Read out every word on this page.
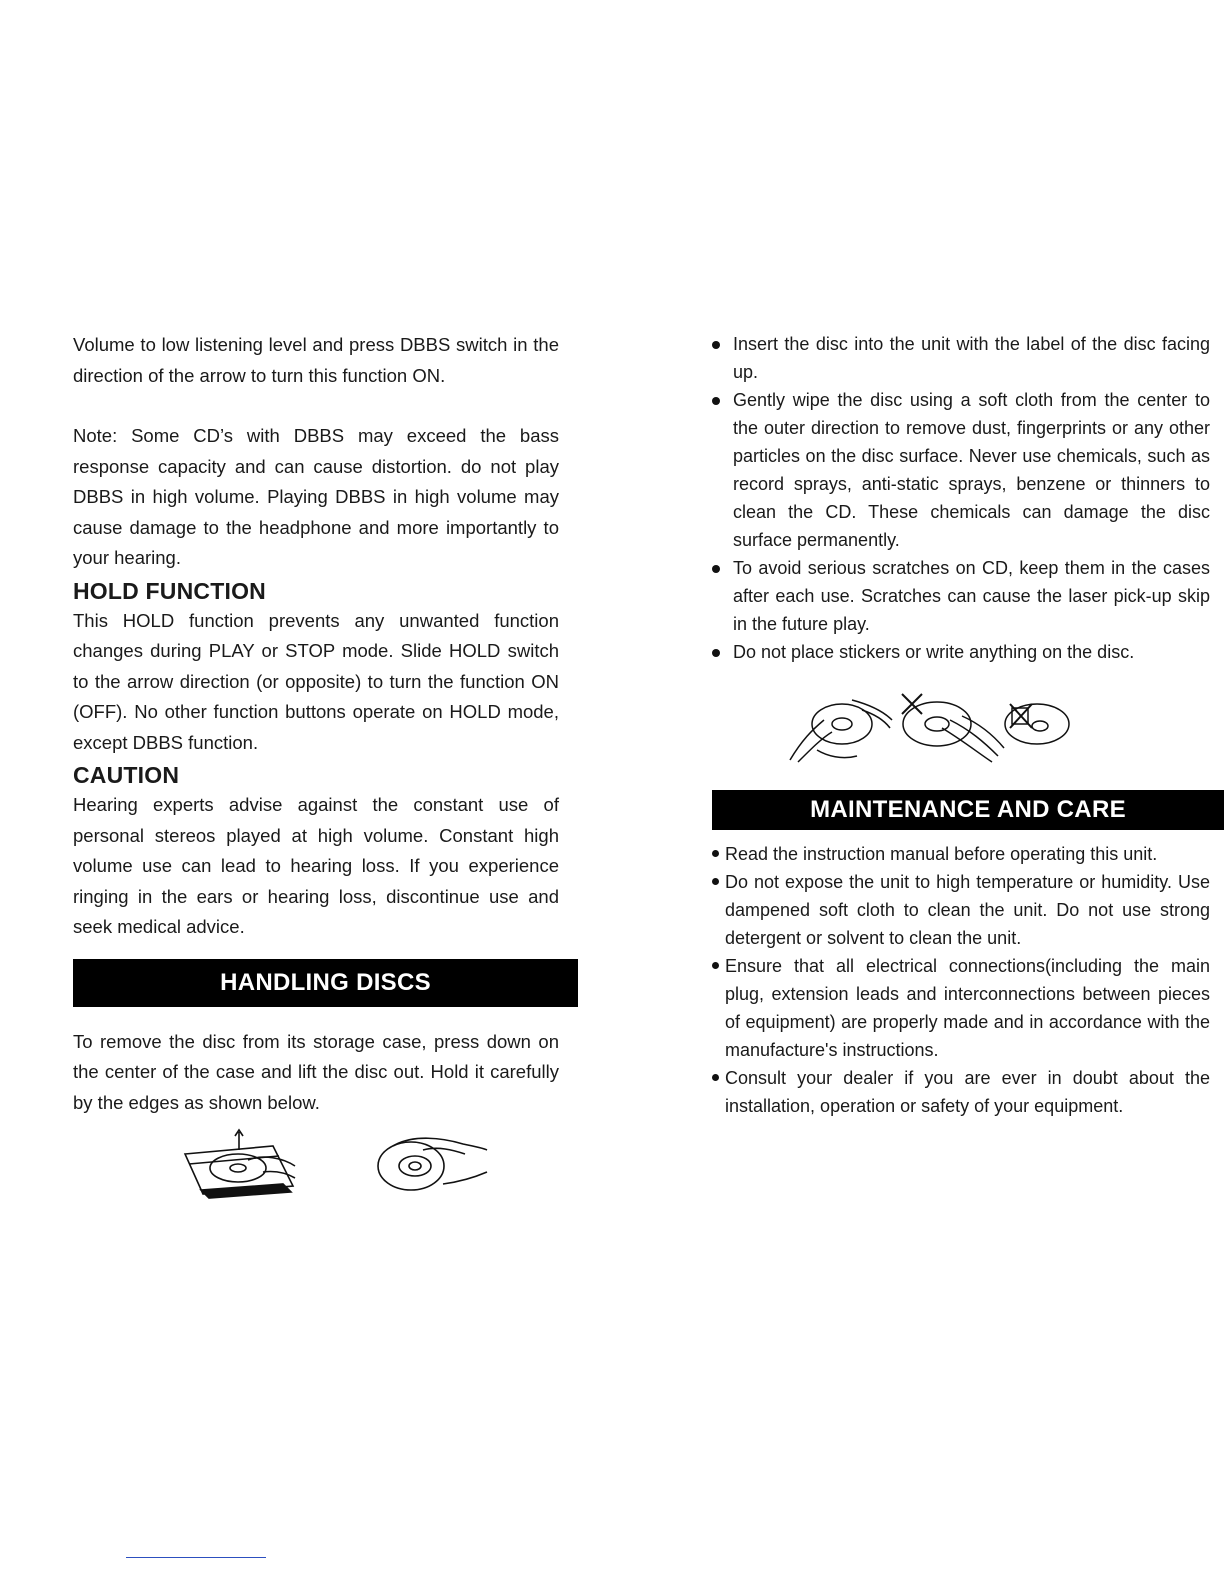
Volume to low listening level and press DBBS switch in the direction of the arrow to turn this function ON.

Note: Some CD’s with DBBS may exceed the bass response capacity and can cause distortion. do not play DBBS in high volume. Playing DBBS in high volume may cause damage to the headphone and more importantly to your hearing.

HOLD FUNCTION

This HOLD function prevents any unwanted function changes during PLAY or STOP mode. Slide HOLD switch to the arrow direction (or opposite) to turn the function ON (OFF). No other function buttons operate on HOLD mode, except DBBS function.

CAUTION

Hearing experts advise against the constant use of personal stereos played at high volume. Constant high volume use can lead to hearing loss. If you experience ringing in the ears or hearing loss, discontinue use and seek medical advice.

HANDLING DISCS

To remove the disc from its storage case, press down on the center of the case and lift the disc out. Hold it carefully by the edges as shown below.

Insert the disc into the unit with the label of the disc facing up.
Gently wipe the disc using a soft cloth from the center to the outer direction to remove dust, fingerprints or any other particles on the disc surface. Never use chemicals, such as record sprays, anti-static sprays, benzene or thinners to clean the CD. These chemicals can damage the disc surface permanently.
To avoid serious scratches on CD, keep them in the cases after each use. Scratches can cause the laser pick-up skip in the future play.
Do not place stickers or write anything on the disc.
MAINTENANCE AND CARE
Read the instruction manual before operating this unit.
Do not expose the unit to high temperature or humidity. Use dampened soft cloth to clean the unit. Do not use strong detergent or solvent to clean the unit.
Ensure that all electrical connections(including the main plug, extension leads and interconnections between pieces of equipment) are properly made and in accordance with the manufacture's instructions.
Consult your dealer if you are ever in doubt about the installation, operation or safety of your equipment.
